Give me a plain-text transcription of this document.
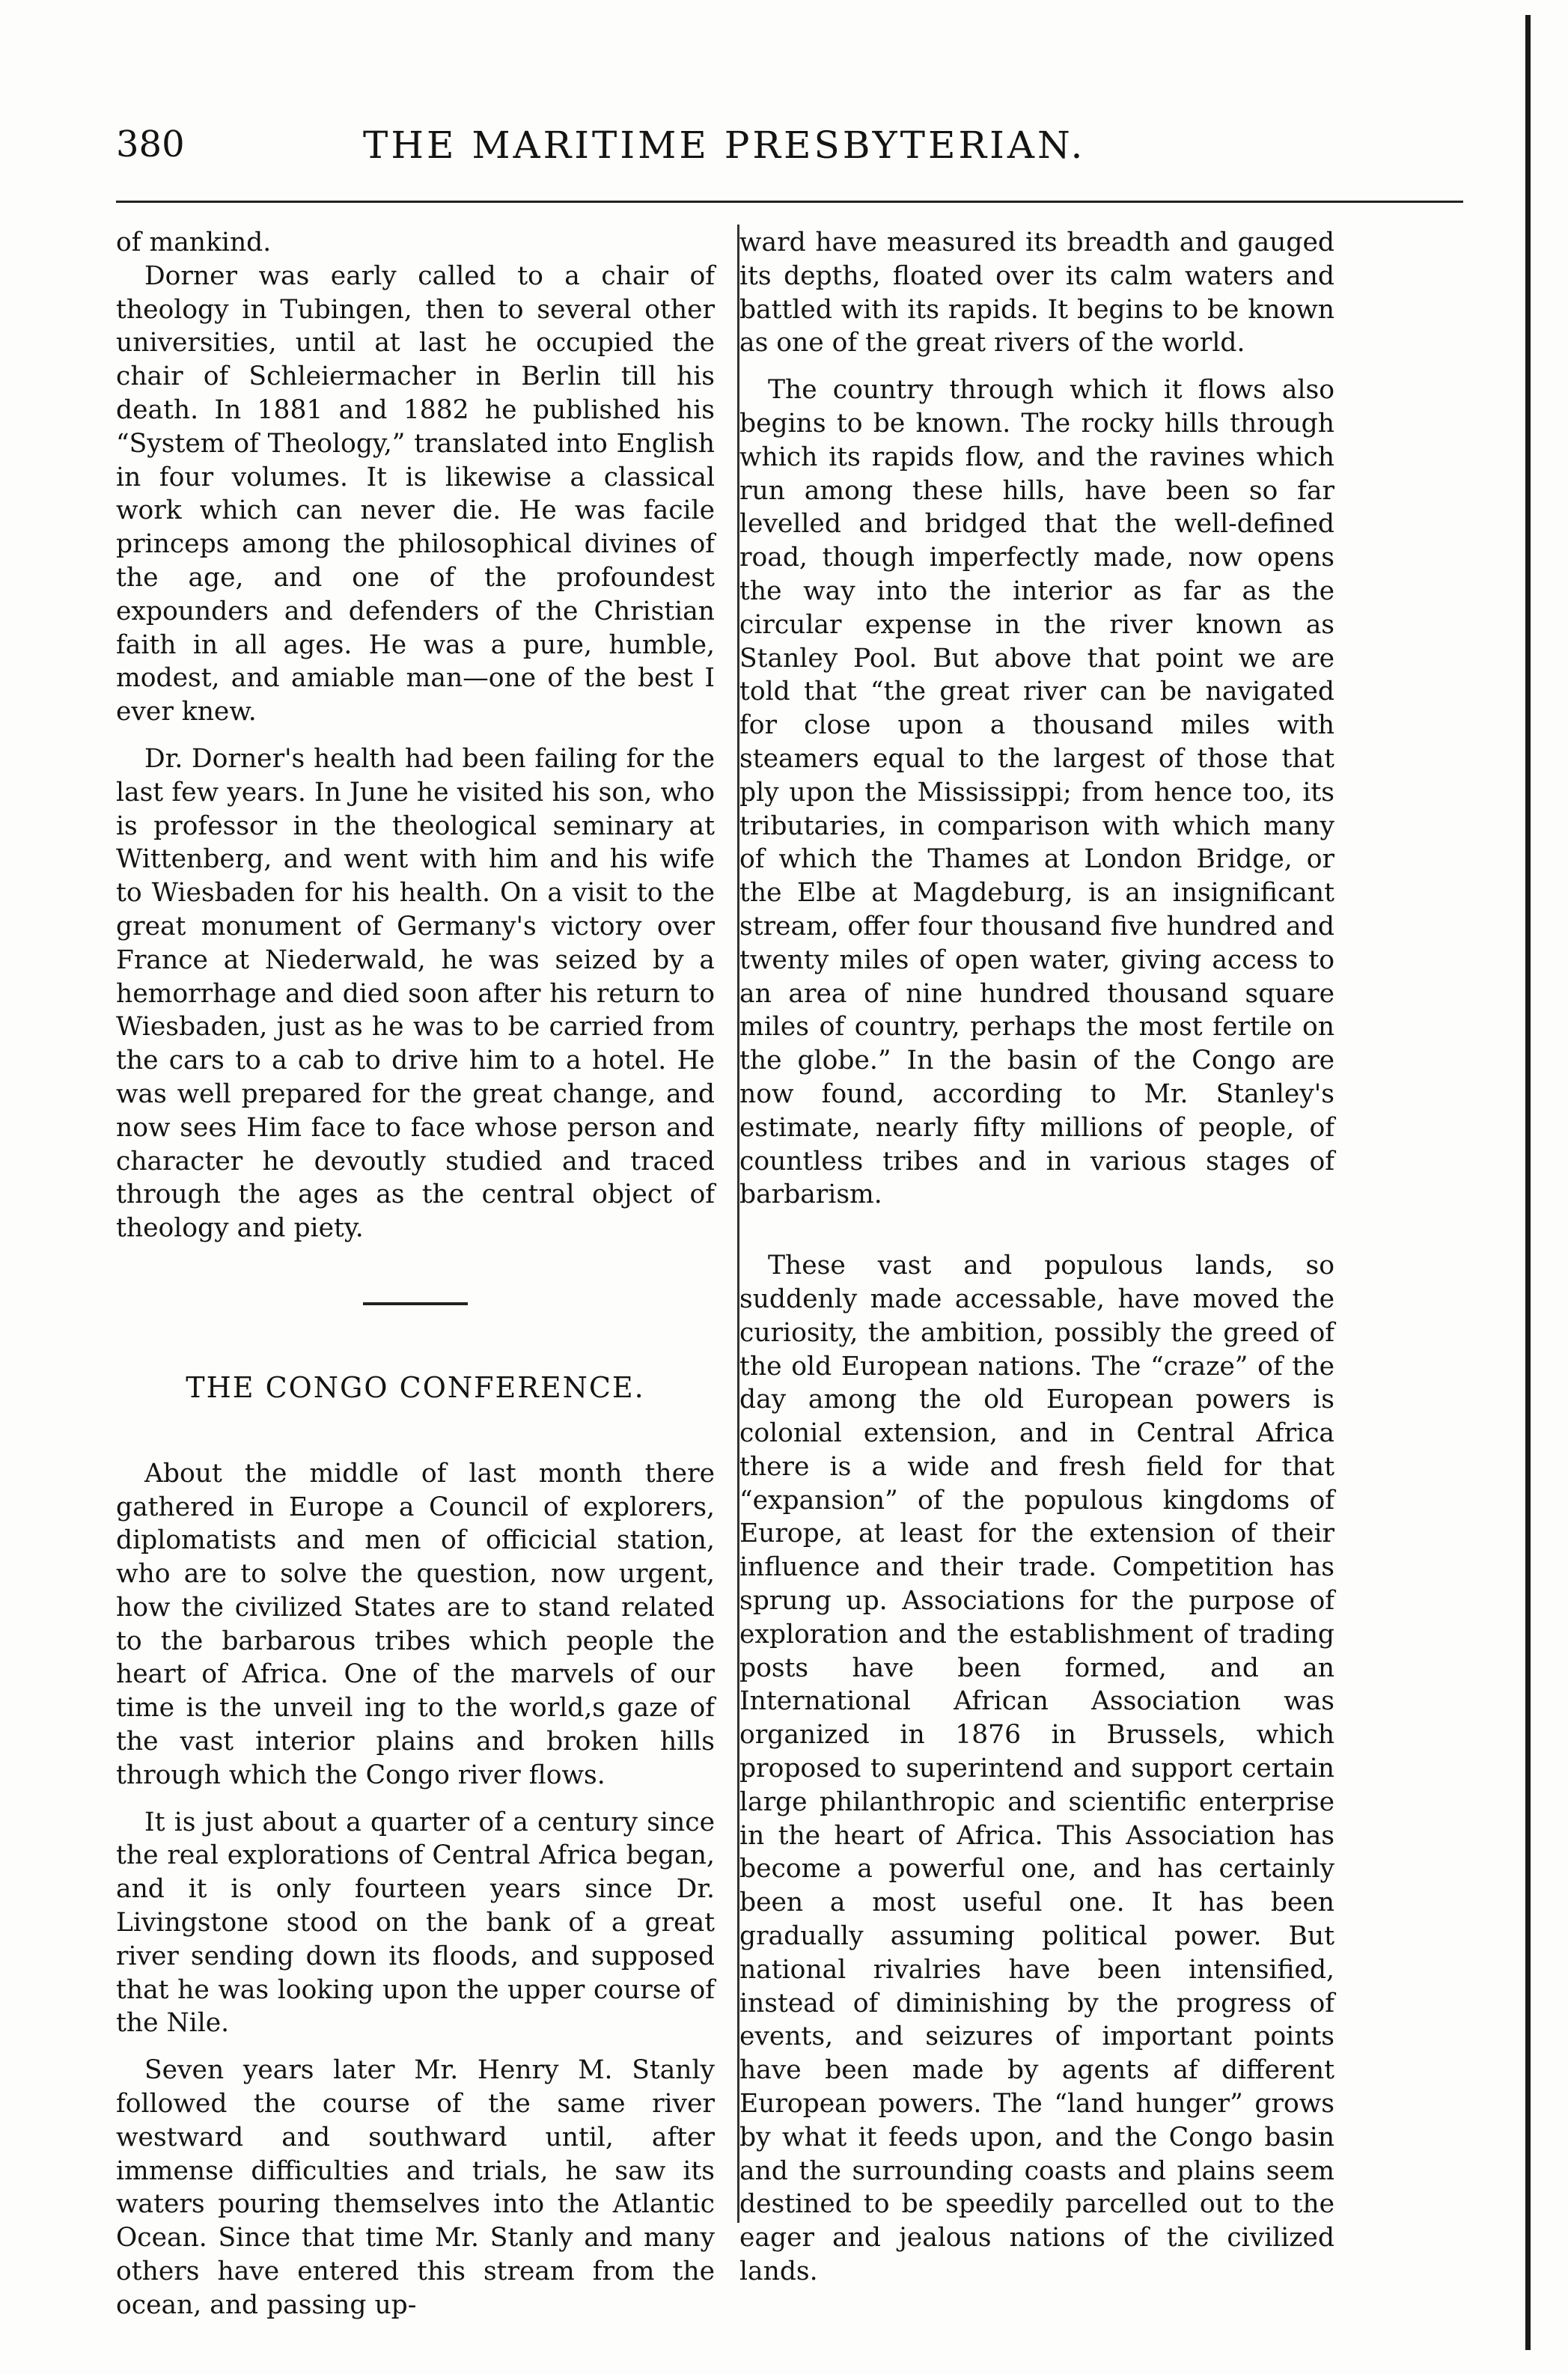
380	THE MARITIME PRESBYTERIAN.

of mankind.

Dorner was early called to a chair of theology in Tubingen, then to several other universities, until at last he occupied the chair of Schleiermacher in Berlin till his death. In 1881 and 1882 he published his “System of Theology,” translated into English in four volumes. It is likewise a classical work which can never die. He was facile princeps among the philosophical divines of the age, and one of the profoundest expounders and defenders of the Christian faith in all ages. He was a pure, humble, modest, and amiable man—one of the best I ever knew.

Dr. Dorner's health had been failing for the last few years. In June he visited his son, who is professor in the theological seminary at Wittenberg, and went with him and his wife to Wiesbaden for his health. On a visit to the great monument of Germany's victory over France at Niederwald, he was seized by a hemorrhage and died soon after his return to Wiesbaden, just as he was to be carried from the cars to a cab to drive him to a hotel. He was well prepared for the great change, and now sees Him face to face whose person and character he devoutly studied and traced through the ages as the central object of theology and piety.

THE CONGO CONFERENCE.

About the middle of last month there gathered in Europe a Council of explorers, diplomatists and men of officicial station, who are to solve the question, now urgent, how the civilized States are to stand related to the barbarous tribes which people the heart of Africa. One of the marvels of our time is the unveil ing to the world,s gaze of the vast interior plains and broken hills through which the Congo river flows.

It is just about a quarter of a century since the real explorations of Central Africa began, and it is only fourteen years since Dr. Livingstone stood on the bank of a great river sending down its floods, and supposed that he was looking upon the upper course of the Nile.

Seven years later Mr. Henry M. Stanly followed the course of the same river westward and southward until, after immense difficulties and trials, he saw its waters pouring themselves into the Atlantic Ocean. Since that time Mr. Stanly and many others have entered this stream from the ocean, and passing up-

ward have measured its breadth and gauged its depths, floated over its calm waters and battled with its rapids. It begins to be known as one of the great rivers of the world.

The country through which it flows also begins to be known. The rocky hills through which its rapids flow, and the ravines which run among these hills, have been so far levelled and bridged that the well-defined road, though imperfectly made, now opens the way into the interior as far as the circular expense in the river known as Stanley Pool. But above that point we are told that “the great river can be navigated for close upon a thousand miles with steamers equal to the largest of those that ply upon the Mississippi; from hence too, its tributaries, in comparison with which many of which the Thames at London Bridge, or the Elbe at Magdeburg, is an insignificant stream, offer four thousand five hundred and twenty miles of open water, giving access to an area of nine hundred thousand square miles of country, perhaps the most fertile on the globe.” In the basin of the Congo are now found, according to Mr. Stanley's estimate, nearly fifty millions of people, of countless tribes and in various stages of barbarism.

These vast and populous lands, so suddenly made accessable, have moved the curiosity, the ambition, possibly the greed of the old European nations. The “craze” of the day among the old European powers is colonial extension, and in Central Africa there is a wide and fresh field for that “expansion” of the populous kingdoms of Europe, at least for the extension of their influence and their trade. Competition has sprung up. Associations for the purpose of exploration and the establishment of trading posts have been formed, and an International African Association was organized in 1876 in Brussels, which proposed to superintend and support certain large philanthropic and scientific enterprise in the heart of Africa. This Association has become a powerful one, and has certainly been a most useful one. It has been gradually assuming political power. But national rivalries have been intensified, instead of diminishing by the progress of events, and seizures of important points have been made by agents af different European powers. The “land hunger” grows by what it feeds upon, and the Congo basin and the surrounding coasts and plains seem destined to be speedily parcelled out to the eager and jealous nations of the civilized lands.
